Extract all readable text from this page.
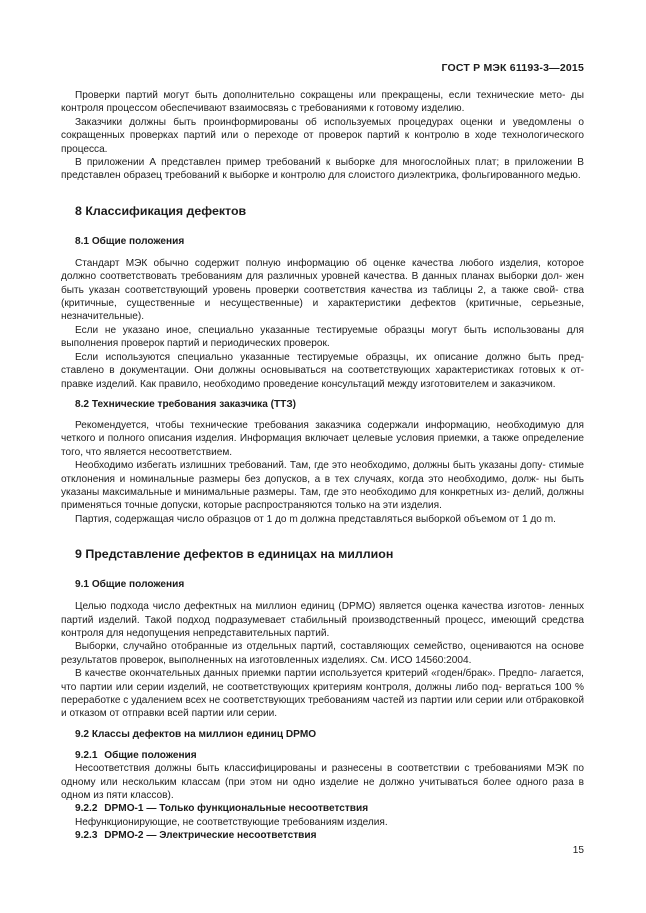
ГОСТ Р МЭК 61193-3—2015

Проверки партий могут быть дополнительно сокращены или прекращены, если технические мето- ды контроля процессом обеспечивают взаимосвязь с требованиями к готовому изделию.

Заказчики должны быть проинформированы об используемых процедурах оценки и уведомлены о сокращенных проверках партий или о переходе от проверок партий к контролю в ходе технологического процесса.

В приложении А представлен пример требований к выборке для многослойных плат; в приложении В представлен образец требований к выборке и контролю для слоистого диэлектрика, фольгированного медью.

8 Классификация дефектов
8.1 Общие положения

Стандарт МЭК обычно содержит полную информацию об оценке качества любого изделия, которое должно соответствовать требованиям для различных уровней качества. В данных планах выборки дол- жен быть указан соответствующий уровень проверки соответствия качества из таблицы 2, а также свой- ства (критичные, существенные и несущественные) и характеристики дефектов (критичные, серьезные, незначительные).

Если не указано иное, специально указанные тестируемые образцы могут быть использованы для выполнения проверок партий и периодических проверок.

Если используются специально указанные тестируемые образцы, их описание должно быть пред- ставлено в документации. Они должны основываться на соответствующих характеристиках готовых к от- правке изделий. Как правило, необходимо проведение консультаций между изготовителем и заказчиком.

8.2 Технические требования заказчика (ТТЗ)

Рекомендуется, чтобы технические требования заказчика содержали информацию, необходимую для четкого и полного описания изделия. Информация включает целевые условия приемки, а также определение того, что является несоответствием.

Необходимо избегать излишних требований. Там, где это необходимо, должны быть указаны допу- стимые отклонения и номинальные размеры без допусков, а в тех случаях, когда это необходимо, долж- ны быть указаны максимальные и минимальные размеры. Там, где это необходимо для конкретных из- делий, должны применяться точные допуски, которые распространяются только на эти изделия.

Партия, содержащая число образцов от 1 до m должна представляться выборкой объемом от 1 до m.

9 Представление дефектов в единицах на миллион
9.1 Общие положения

Целью подхода число дефектных на миллион единиц (DPMO) является оценка качества изготов- ленных партий изделий. Такой подход подразумевает стабильный производственный процесс, имеющий средства контроля для недопущения непредставительных партий.

Выборки, случайно отобранные из отдельных партий, составляющих семейство, оцениваются на основе результатов проверок, выполненных на изготовленных изделиях. См. ИСО 14560:2004.

В качестве окончательных данных приемки партии используется критерий «годен/брак». Предпо- лагается, что партии или серии изделий, не соответствующих критериям контроля, должны либо под- вергаться 100 % переработке с удалением всех не соответствующих требованиям частей из партии или серии или отбраковкой и отказом от отправки всей партии или серии.

9.2 Классы дефектов на миллион единиц DPMO
9.2.1 Общие положения

Несоответствия должны быть классифицированы и разнесены в соответствии с требованиями МЭК по одному или нескольким классам (при этом ни одно изделие не должно учитываться более одного раза в одном из пяти классов).

9.2.2 DPMO-1 — Только функциональные несоответствия

Нефункционирующие, не соответствующие требованиям изделия.

9.2.3 DPMO-2 — Электрические несоответствия
15
